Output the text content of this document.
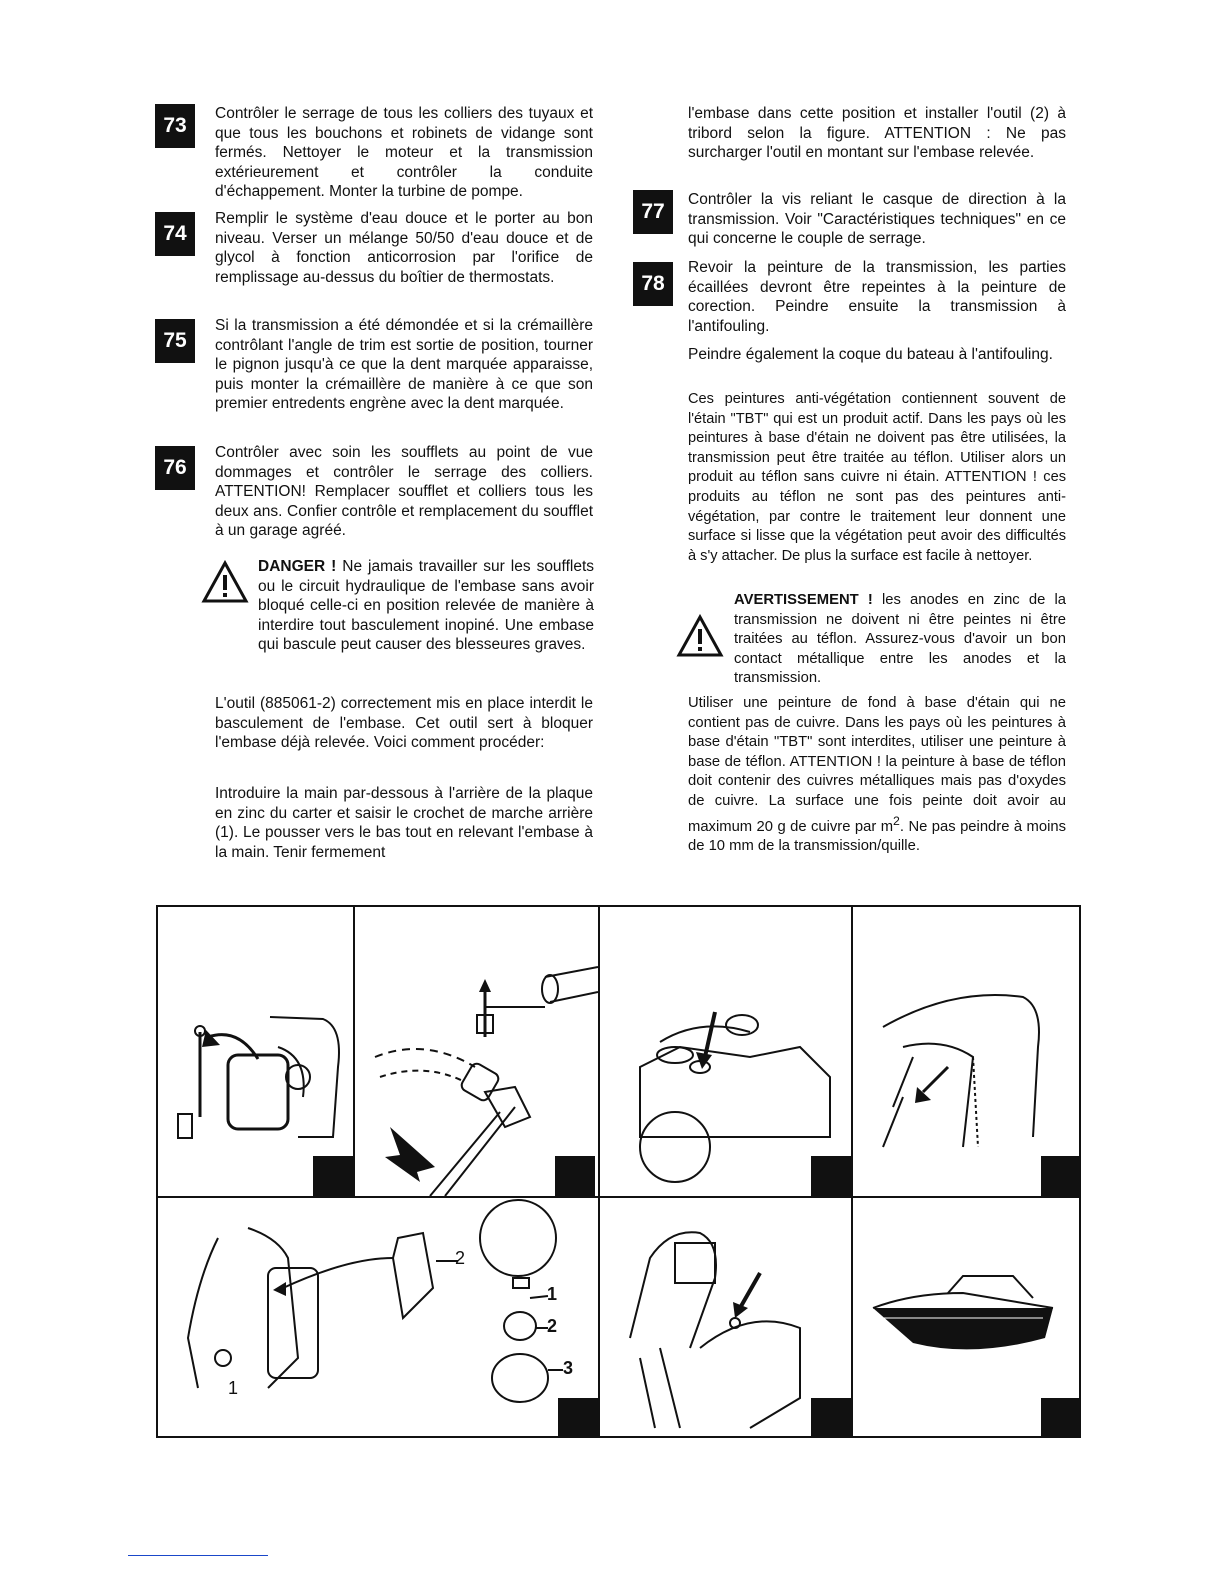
73
74
75
76
77
78

Contrôler le serrage de tous les colliers des tuyaux et que tous les bouchons et robinets de vidange sont fermés. Nettoyer le moteur et la transmission extérieurement et contrôler la conduite d'échappement. Monter la turbine de pompe.

Remplir le système d'eau douce et le porter au bon niveau. Verser un mélange 50/50 d'eau douce et de glycol à fonction anticorrosion par l'orifice de remplissage au-dessus du boîtier de thermostats.

Si la transmission a été démondée et si la crémaillère contrôlant l'angle de trim est sortie de position, tourner le pignon jusqu'à ce que la dent marquée apparaisse, puis monter la crémaillère de manière à ce que son premier entredents engrène avec la dent marquée.

Contrôler avec soin les soufflets au point de vue dommages et contrôler le serrage des colliers. ATTENTION! Remplacer soufflet et colliers tous les deux ans. Confier contrôle et remplacement du soufflet à un garage agréé.

DANGER ! Ne jamais travailler sur les soufflets ou le circuit hydraulique de l'embase sans avoir bloqué celle-ci en position relevée de manière à interdire tout basculement inopiné. Une embase qui bascule peut causer des blesseures graves.

L'outil (885061-2) correctement mis en place interdit le basculement de l'embase. Cet outil sert à bloquer l'embase déjà relevée. Voici comment procéder:

Introduire la main par-dessous à l'arrière de la plaque en zinc du carter et saisir le crochet de marche arrière (1). Le pousser vers le bas tout en relevant l'embase à la main. Tenir fermement

l'embase dans cette position et installer l'outil (2) à tribord selon la figure. ATTENTION : Ne pas surcharger l'outil en montant sur l'embase relevée.

Contrôler la vis reliant le casque de direction à la transmission. Voir "Caractéristiques techniques" en ce qui concerne le couple de serrage.

Revoir la peinture de la transmission, les parties écaillées devront être repeintes à la peinture de corection. Peindre ensuite la transmission à l'antifouling.

Peindre également la coque du bateau à l'antifouling.

Ces peintures anti-végétation contiennent souvent de l'étain "TBT" qui est un produit actif. Dans les pays où les peintures à base d'étain ne doivent pas être utilisées, la transmission peut être traitée au téflon. Utiliser alors un produit au téflon sans cuivre ni étain. ATTENTION ! ces produits au téflon ne sont pas des peintures anti-végétation, par contre le traitement leur donnent une surface si lisse que la végétation peut avoir des difficultés à s'y attacher. De plus la surface est facile à nettoyer.

AVERTISSEMENT ! les anodes en zinc de la transmission ne doivent ni être peintes ni être traitées au téflon. Assurez-vous d'avoir un bon contact métallique entre les anodes et la transmission.

Utiliser une peinture de fond à base d'étain qui ne contient pas de cuivre. Dans les pays où les peintures à base d'étain "TBT" sont interdites, utiliser une peinture à base de téflon. ATTENTION ! la peinture à base de téflon doit contenir des cuivres métalliques mais pas d'oxydes de cuivre. La surface une fois peinte doit avoir au maximum 20 g de cuivre par $m^2$. Ne pas peindre à moins de 10 mm de la transmission/quille.

1
2
1
2
3
